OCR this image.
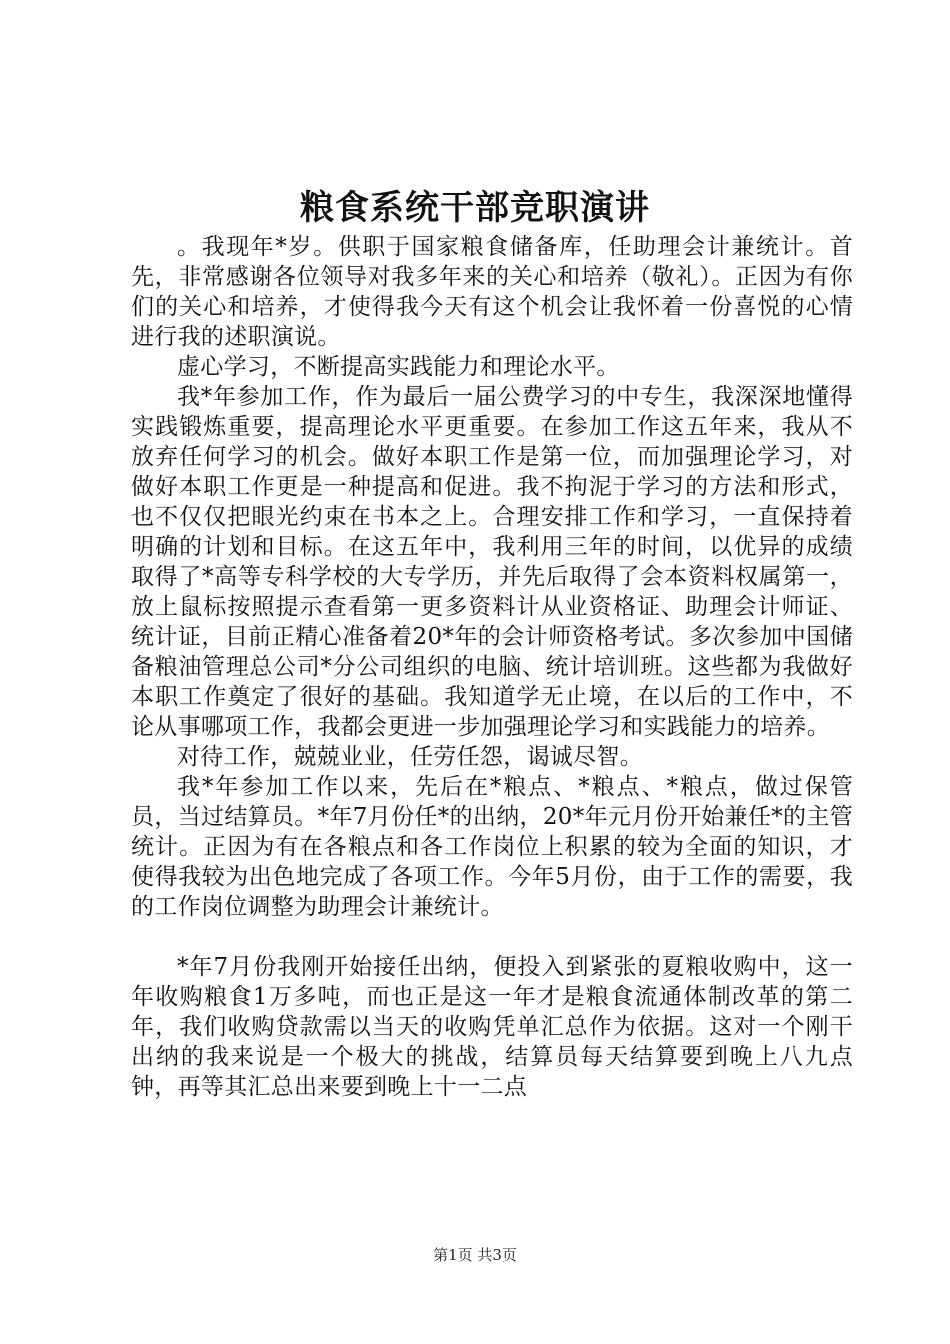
粮食系统干部竞职演讲

。我现年*岁。供职于国家粮食储备库，任助理会计兼统计。首先，非常感谢各位领导对我多年来的关心和培养（敬礼）。正因为有你们的关心和培养，才使得我今天有这个机会让我怀着一份喜悦的心情进行我的述职演说。

虚心学习，不断提高实践能力和理论水平。

我*年参加工作，作为最后一届公费学习的中专生，我深深地懂得实践锻炼重要，提高理论水平更重要。在参加工作这五年来，我从不放弃任何学习的机会。做好本职工作是第一位，而加强理论学习，对做好本职工作更是一种提高和促进。我不拘泥于学习的方法和形式，也不仅仅把眼光约束在书本之上。合理安排工作和学习，一直保持着明确的计划和目标。在这五年中，我利用三年的时间，以优异的成绩取得了*高等专科学校的大专学历，并先后取得了会本资料权属第一，放上鼠标按照提示查看第一更多资料计从业资格证、助理会计师证、统计证，目前正精心准备着20*年的会计师资格考试。多次参加中国储备粮油管理总公司*分公司组织的电脑、统计培训班。这些都为我做好本职工作奠定了很好的基础。我知道学无止境，在以后的工作中，不论从事哪项工作，我都会更进一步加强理论学习和实践能力的培养。

对待工作，兢兢业业，任劳任怨，谒诚尽智。

我*年参加工作以来，先后在*粮点、*粮点、*粮点，做过保管员，当过结算员。*年7月份任*的出纳，20*年元月份开始兼任*的主管统计。正因为有在各粮点和各工作岗位上积累的较为全面的知识，才使得我较为出色地完成了各项工作。今年5月份，由于工作的需要，我的工作岗位调整为助理会计兼统计。

*年7月份我刚开始接任出纳，便投入到紧张的夏粮收购中，这一年收购粮食1万多吨，而也正是这一年才是粮食流通体制改革的第二年，我们收购贷款需以当天的收购凭单汇总作为依据。这对一个刚干出纳的我来说是一个极大的挑战，结算员每天结算要到晚上八九点钟，再等其汇总出来要到晚上十一二点

第1页 共3页
